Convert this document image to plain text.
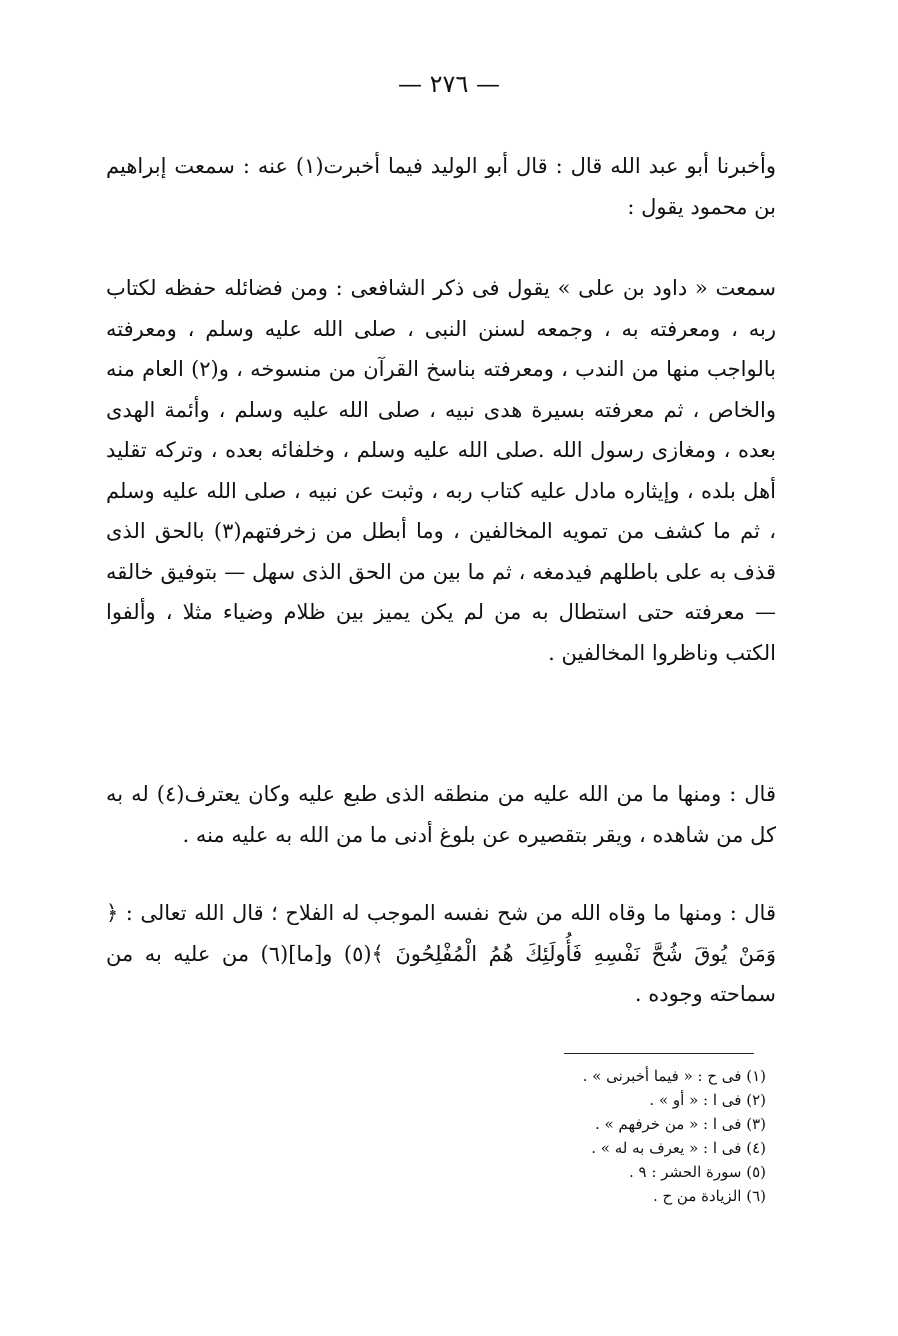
— ٢٧٦ —

وأخبرنا أبو عبد الله قال : قال أبو الوليد فيما أخبرت(١) عنه : سمعت إبراهيم بن محمود يقول :

سمعت « داود بن على » يقول فى ذكر الشافعى : ومن فضائله حفظه لكتاب ربه ، ومعرفته به ، وجمعه لسنن النبى ، صلى الله عليه وسلم ، ومعرفته بالواجب منها من الندب ، ومعرفته بناسخ القرآن من منسوخه ، و(٢) العام منه والخاص ، ثم معرفته بسيرة هدى نبيه ، صلى الله عليه وسلم ، وأئمة الهدى بعده ، ومغازى رسول الله .صلى الله عليه وسلم ، وخلفائه بعده ، وتركه تقليد أهل بلده ، وإيثاره مادل عليه كتاب ربه ، وثبت عن نبيه ، صلى الله عليه وسلم ، ثم ما كشف من تمويه المخالفين ، وما أبطل من زخرفتهم(٣) بالحق الذى قذف به على باطلهم فيدمغه ، ثم ما بين من الحق الذى سهل — بتوفيق خالقه — معرفته حتى استطال به من لم يكن يميز بين ظلام وضياء مثلا ، وألفوا الكتب وناظروا المخالفين .

قال : ومنها ما من الله عليه من منطقه الذى طبع عليه وكان يعترف(٤) له به كل من شاهده ، ويقر بتقصيره عن بلوغ أدنى ما من الله به عليه منه .

قال : ومنها ما وقاه الله من شح نفسه الموجب له الفلاح ؛ قال الله تعالى : ﴿ وَمَنْ يُوقَ شُحَّ نَفْسِهِ فَأُولَئِكَ هُمُ الْمُفْلِحُونَ ﴾(٥) و[ما](٦) من عليه به من سماحته وجوده .

(١) فى ح : « فيما أخبرنى » .

(٢) فى ا : « أو » .

(٣) فى ا : « من خرفهم » .

(٤) فى ا : « يعرف به له » .

(٥) سورة الحشر : ٩ .

(٦) الزيادة من ح .
